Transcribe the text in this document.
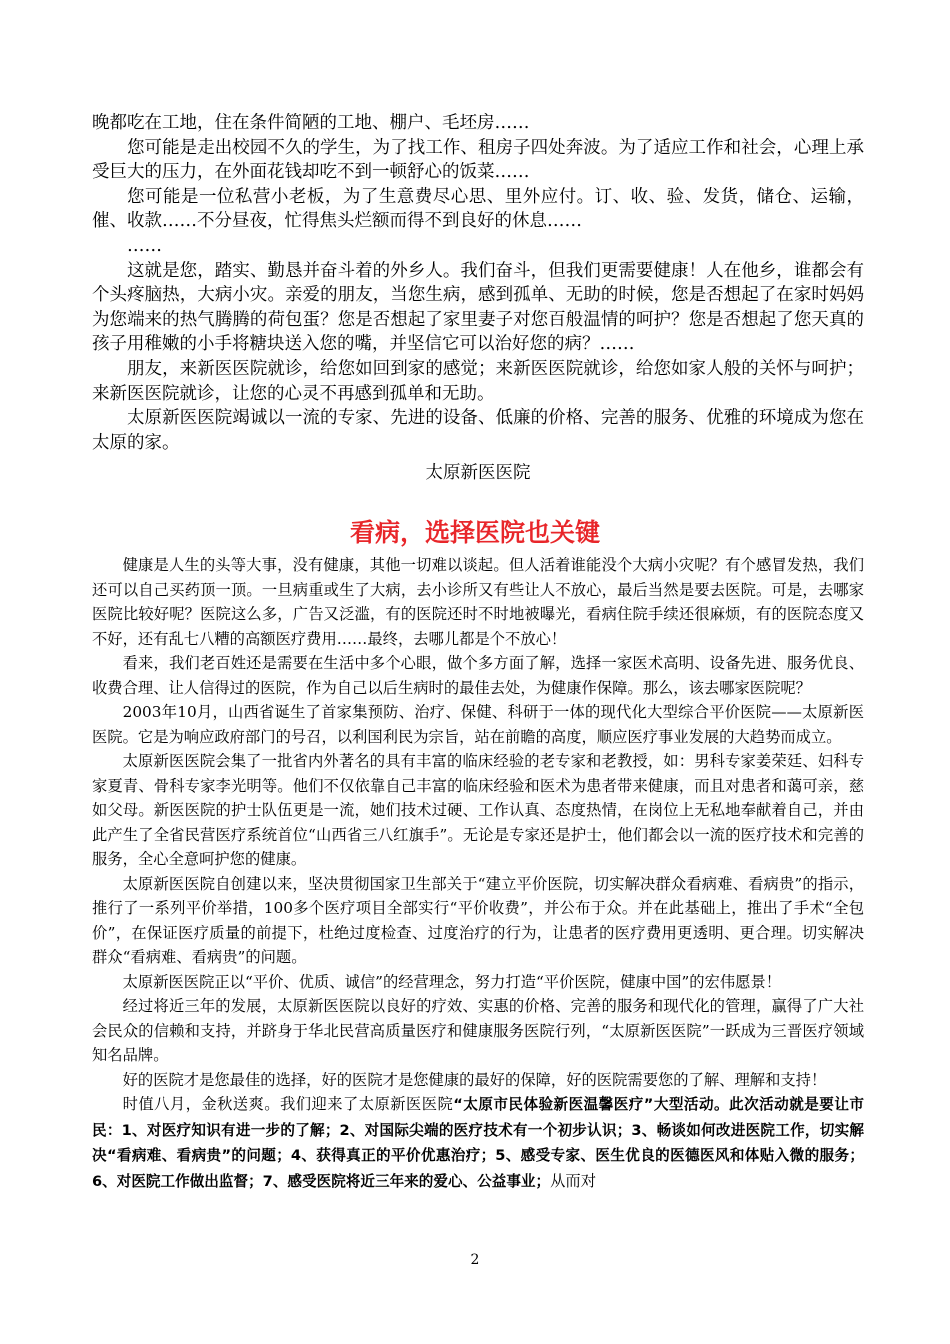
晚都吃在工地，住在条件简陋的工地、棚户、毛坯房……

您可能是走出校园不久的学生，为了找工作、租房子四处奔波。为了适应工作和社会，心理上承受巨大的压力，在外面花钱却吃不到一顿舒心的饭菜……

您可能是一位私营小老板，为了生意费尽心思、里外应付。订、收、验、发货，储仓、运输，催、收款……不分昼夜，忙得焦头烂额而得不到良好的休息……

……

这就是您，踏实、勤恳并奋斗着的外乡人。我们奋斗，但我们更需要健康！人在他乡，谁都会有个头疼脑热，大病小灾。亲爱的朋友，当您生病，感到孤单、无助的时候，您是否想起了在家时妈妈为您端来的热气腾腾的荷包蛋？您是否想起了家里妻子对您百般温情的呵护？您是否想起了您天真的孩子用稚嫩的小手将糖块送入您的嘴，并坚信它可以治好您的病？……

朋友，来新医医院就诊，给您如回到家的感觉；来新医医院就诊，给您如家人般的关怀与呵护；来新医医院就诊，让您的心灵不再感到孤单和无助。

太原新医医院竭诚以一流的专家、先进的设备、低廉的价格、完善的服务、优雅的环境成为您在太原的家。

太原新医医院

看病，选择医院也关键

健康是人生的头等大事，没有健康，其他一切难以谈起。但人活着谁能没个大病小灾呢？有个感冒发热，我们还可以自己买药顶一顶。一旦病重或生了大病，去小诊所又有些让人不放心，最后当然是要去医院。可是，去哪家医院比较好呢？医院这么多，广告又泛滥，有的医院还时不时地被曝光，看病住院手续还很麻烦，有的医院态度又不好，还有乱七八糟的高额医疗费用……最终，去哪儿都是个不放心！

看来，我们老百姓还是需要在生活中多个心眼，做个多方面了解，选择一家医术高明、设备先进、服务优良、收费合理、让人信得过的医院，作为自己以后生病时的最佳去处，为健康作保障。那么，该去哪家医院呢？

2003年10月，山西省诞生了首家集预防、治疗、保健、科研于一体的现代化大型综合平价医院——太原新医医院。它是为响应政府部门的号召，以利国利民为宗旨，站在前瞻的高度，顺应医疗事业发展的大趋势而成立。

太原新医医院会集了一批省内外著名的具有丰富的临床经验的老专家和老教授，如：男科专家姜荣廷、妇科专家夏青、骨科专家李光明等。他们不仅依靠自己丰富的临床经验和医术为患者带来健康，而且对患者和蔼可亲，慈如父母。新医医院的护士队伍更是一流，她们技术过硬、工作认真、态度热情，在岗位上无私地奉献着自己，并由此产生了全省民营医疗系统首位“山西省三八红旗手”。无论是专家还是护士，他们都会以一流的医疗技术和完善的服务，全心全意呵护您的健康。

太原新医医院自创建以来，坚决贯彻国家卫生部关于“建立平价医院，切实解决群众看病难、看病贵”的指示，推行了一系列平价举措，100多个医疗项目全部实行“平价收费”，并公布于众。并在此基础上，推出了手术“全包价”，在保证医疗质量的前提下，杜绝过度检查、过度治疗的行为，让患者的医疗费用更透明、更合理。切实解决群众“看病难、看病贵”的问题。

太原新医医院正以“平价、优质、诚信”的经营理念，努力打造“平价医院，健康中国”的宏伟愿景！

经过将近三年的发展，太原新医医院以良好的疗效、实惠的价格、完善的服务和现代化的管理，赢得了广大社会民众的信赖和支持，并跻身于华北民营高质量医疗和健康服务医院行列，“太原新医医院”一跃成为三晋医疗领域知名品牌。

好的医院才是您最佳的选择，好的医院才是您健康的最好的保障，好的医院需要您的了解、理解和支持！

时值八月，金秋送爽。我们迎来了太原新医医院“太原市民体验新医温馨医疗”大型活动。此次活动就是要让市民：1、对医疗知识有进一步的了解；2、对国际尖端的医疗技术有一个初步认识；3、畅谈如何改进医院工作，切实解决“看病难、看病贵”的问题；4、获得真正的平价优惠治疗；5、感受专家、医生优良的医德医风和体贴入微的服务；6、对医院工作做出监督；7、感受医院将近三年来的爱心、公益事业；从而对

2
